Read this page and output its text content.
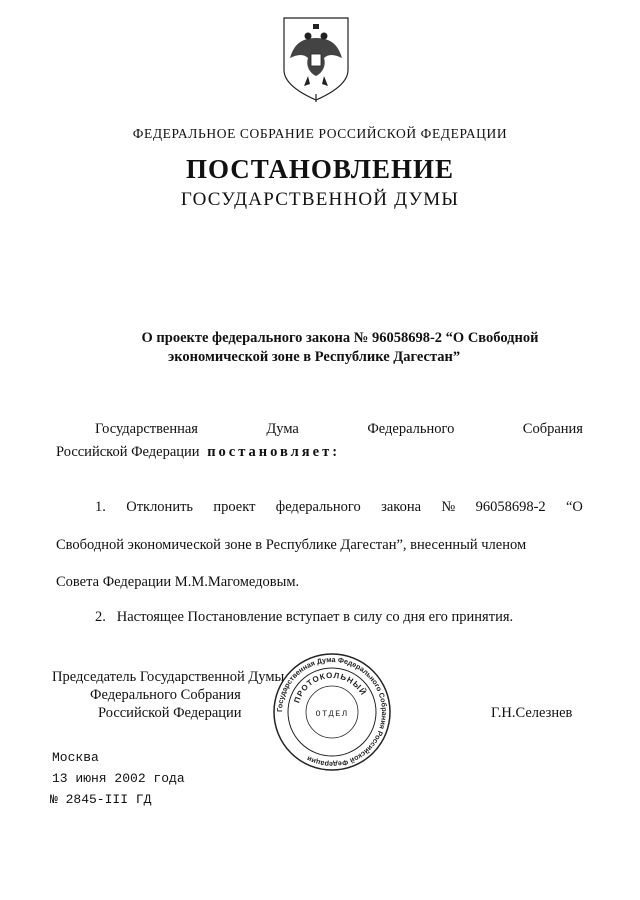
ФЕДЕРАЛЬНОЕ СОБРАНИЕ РОССИЙСКОЙ ФЕДЕРАЦИИ
ПОСТАНОВЛЕНИЕ
ГОСУДАРСТВЕННОЙ ДУМЫ
О проекте федерального закона № 96058698-2 “О Свободной
экономической зоне в Республике Дагестан”
Государственная	Дума	Федерального	Собрания
Российской Федерации постановляет:
1. Отклонить проект федерального закона № 96058698-2 “О
Свободной экономической зоне в Республике Дагестан”, внесенный членом
Совета Федерации М.М.Магомедовым.
2.   Настоящее Постановление вступает в силу со дня его принятия.
Председатель Государственной Думы
Федерального Собрания
Российской Федерации	Г.Н.Селезнев
Государственная Дума Федерального Собрания Российской Федерации
ПРОТОКОЛЬНЫЙ
ОТДЕЛ
Москва
13 июня 2002 года
№ 2845-III ГД
